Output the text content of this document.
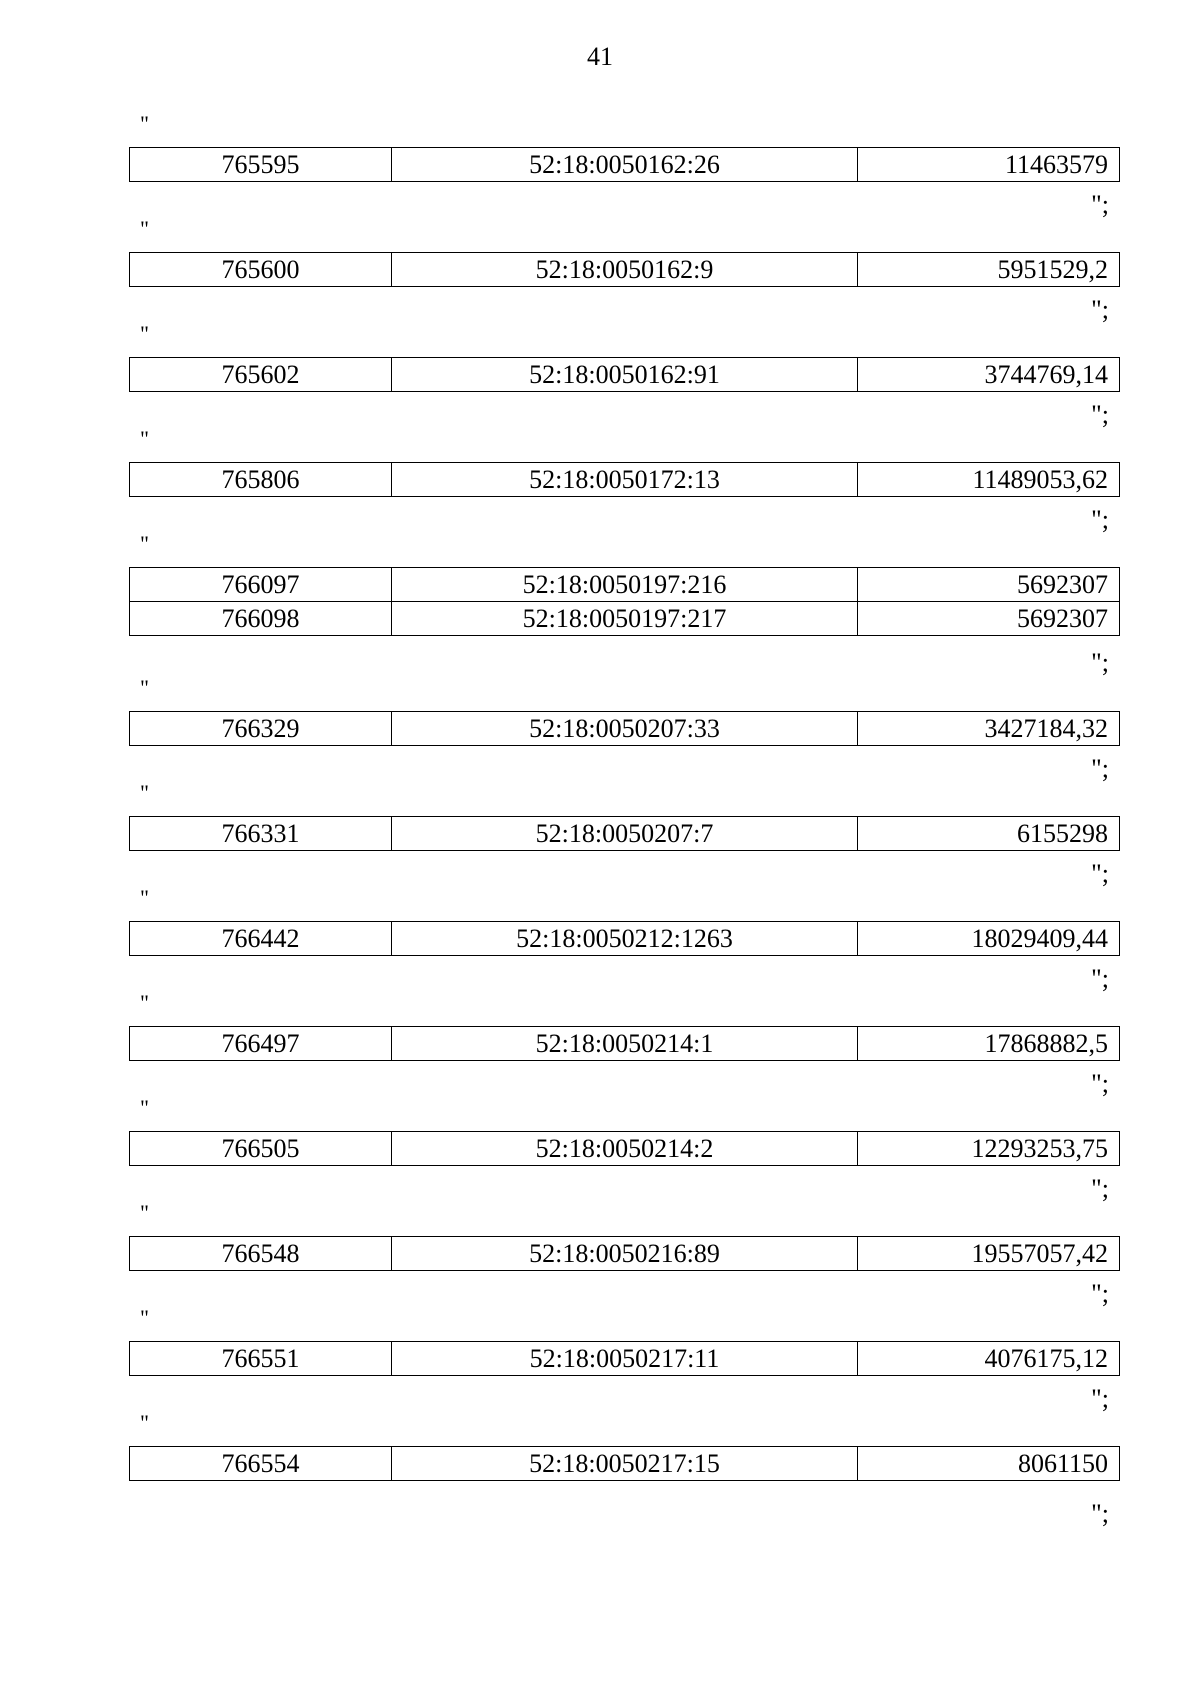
41
"
765595	52:18:0050162:26	11463579
";
"
765600	52:18:0050162:9	5951529,2
";
"
765602	52:18:0050162:91	3744769,14
";
"
765806	52:18:0050172:13	11489053,62
";
"
766097	52:18:0050197:216	5692307
766098	52:18:0050197:217	5692307
";
"
766329	52:18:0050207:33	3427184,32
";
"
766331	52:18:0050207:7	6155298
";
"
766442	52:18:0050212:1263	18029409,44
";
"
766497	52:18:0050214:1	17868882,5
";
"
766505	52:18:0050214:2	12293253,75
";
"
766548	52:18:0050216:89	19557057,42
";
"
766551	52:18:0050217:11	4076175,12
";
"
766554	52:18:0050217:15	8061150
";
